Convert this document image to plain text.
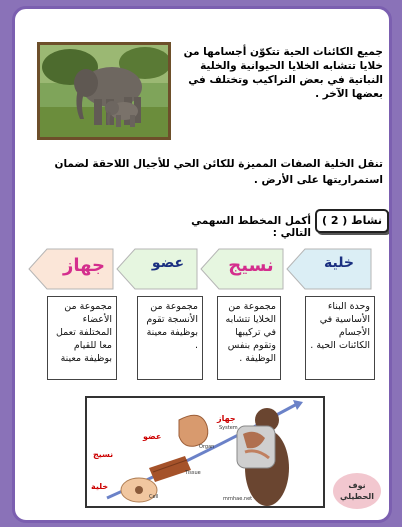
جميع الكائنات الحية تتكوّن أجسامها من خلايا تتشابه الخلايا الحيوانية والخلية النباتية في بعض التراكيب وتختلف في بعضها الآخر .
تنقل الخلية الصفات المميزة للكائن الحي للأجيال اللاحقة لضمان استمراريتها على الأرض .
نشاط ( 2 )
أكمل المخطط السهمي التالي :
جهاز	عضو	نسيج	خلية
مجموعة من الأعضاء المختلفة تعمل معا للقيام بوظيفة معينة
مجموعة من الأنسجة تقوم بوظيفة معينة .
مجموعة من الخلايا تتشابه في تركيبها وتقوم بنفس الوظيفة .
وحدة البناء الأساسية في الأجسام الكائنات الحية .
جهاز
System
عضو
Organ
نسيج
Tissue
خلية
Cell	mrnhae.net
نوف
الحطيلي
